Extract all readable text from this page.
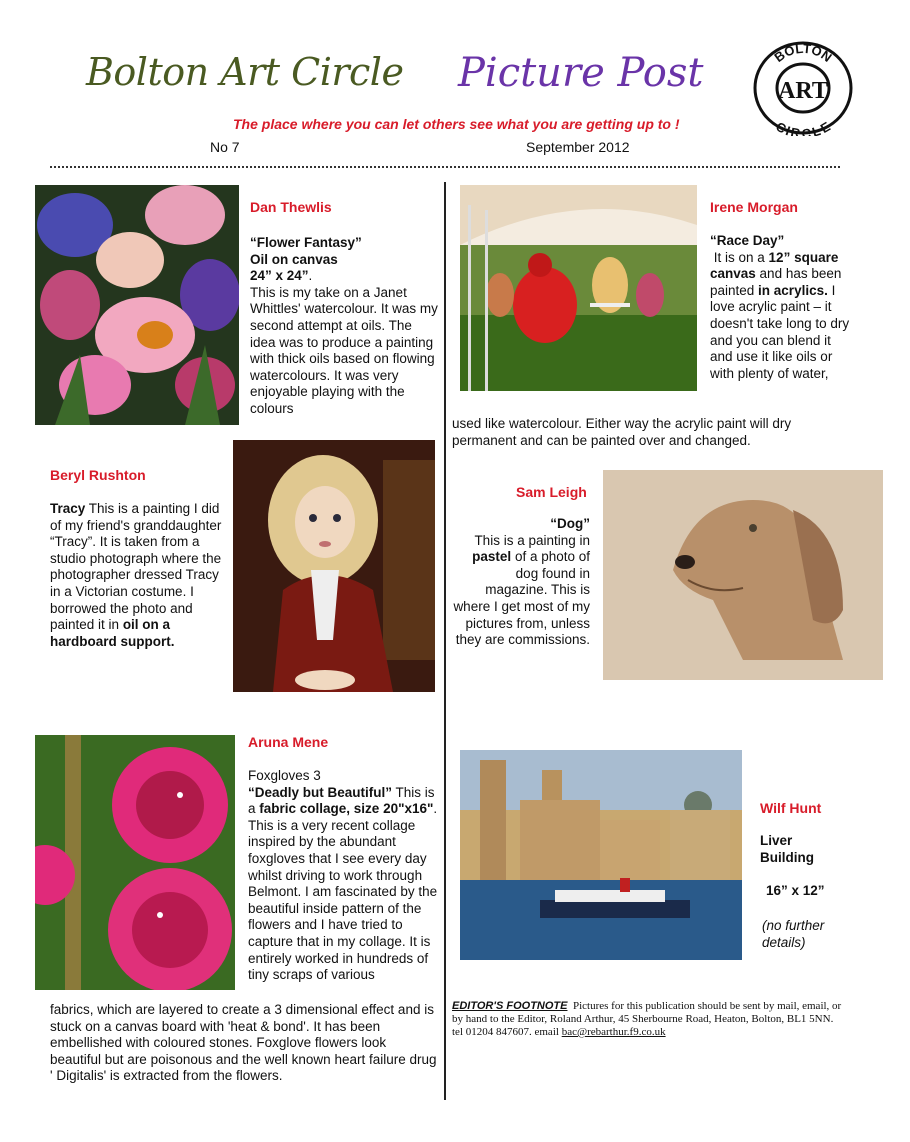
Bolton Art Circle Picture Post	BOLTON
CIRCLE
ART
The place where you can let others see what you are getting up to !
No 7	September 2012
Dan Thewlis
“Flower Fantasy”
Oil on canvas
24” x 24”.
This is my take on a Janet Whittles' watercolour. It was my second attempt at oils. The idea was to produce a painting with thick oils based on flowing watercolours. It was very enjoyable playing with the colours
Irene Morgan
“Race Day”
It is on a 12” square canvas and has been painted in acrylics. I love acrylic paint – it doesn't take long to dry and you can blend it and use it like oils or with plenty of water,
used like watercolour. Either way the acrylic paint will dry permanent and can be painted over and changed.
Beryl Rushton
Tracy This is a painting I did of my friend's granddaughter “Tracy”. It is taken from a studio photograph where the photographer dressed Tracy in a Victorian costume. I borrowed the photo and painted it in oil on a hardboard support.
Sam Leigh
“Dog”
This is a painting in pastel of a photo of dog found in magazine. This is where I get most of my pictures from, unless they are commissions.
Aruna Mene
Foxgloves 3
“Deadly but Beautiful” This is a fabric collage, size 20"x16". This is a very recent collage inspired by the abundant foxgloves that I see every day whilst driving to work through Belmont. I am fascinated by the beautiful inside pattern of the flowers and I have tried to capture that in my collage. It is entirely worked in hundreds of tiny scraps of various
fabrics, which are layered to create a 3 dimensional effect and is stuck on a canvas board with 'heat & bond'. It has been embellished with coloured stones. Foxglove flowers look beautiful but are poisonous and the well known heart failure drug ' Digitalis' is extracted from the flowers.
Wilf Hunt
Liver Building
16” x 12”
(no further details)
EDITOR'S FOOTNOTE Pictures for this publication should be sent by mail, email, or by hand to the Editor, Roland Arthur, 45 Sherbourne Road, Heaton, Bolton, BL1 5NN. tel 01204 847607. email bac@rebarthur.f9.co.uk
